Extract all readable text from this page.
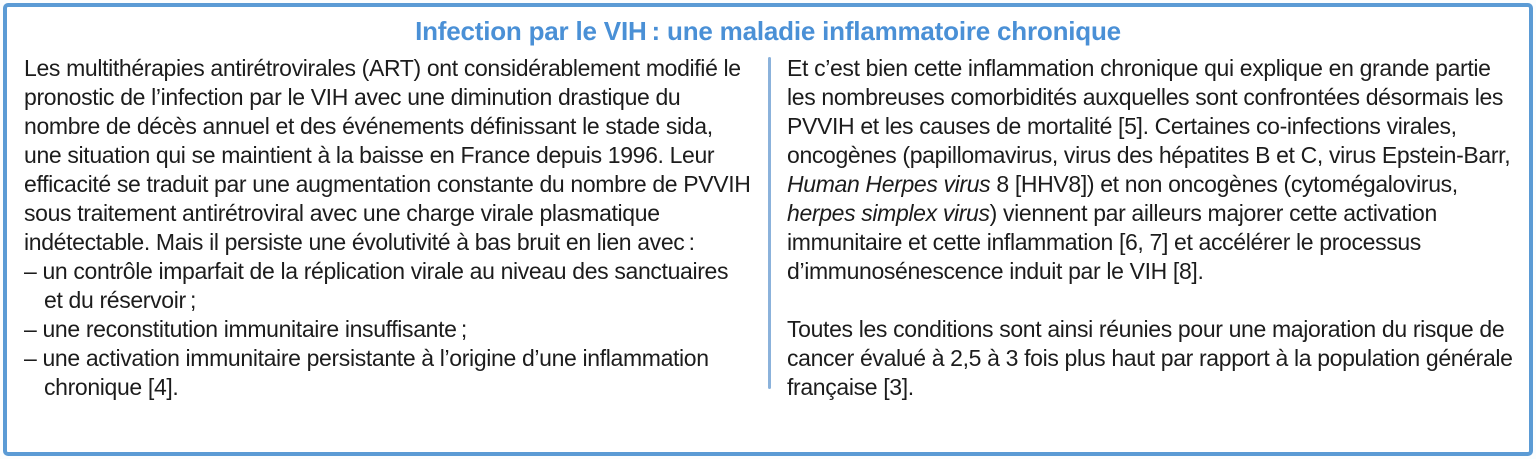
Infection par le VIH : une maladie inflammatoire chronique

Les multithérapies antirétrovirales (ART) ont considérablement modifié le pronostic de l’infection par le VIH avec une diminution drastique du nombre de décès annuel et des événements définissant le stade sida, une situation qui se maintient à la baisse en France depuis 1996. Leur efficacité se traduit par une augmentation constante du nombre de PVVIH sous traitement antirétroviral avec une charge virale plasmatique indétectable. Mais il persiste une évolutivité à bas bruit en lien avec :

– un contrôle imparfait de la réplication virale au niveau des sanctuaires et du réservoir ;
– une reconstitution immunitaire insuffisante ;
– une activation immunitaire persistante à l’origine d’une inflammation chronique [4].

Et c’est bien cette inflammation chronique qui explique en grande partie les nombreuses comorbidités auxquelles sont confrontées désormais les PVVIH et les causes de mortalité [5]. Certaines co-infections virales, oncogènes (papillomavirus, virus des hépatites B et C, virus Epstein-Barr, Human Herpes virus 8 [HHV8]) et non oncogènes (cytomégalovirus, herpes simplex virus) viennent par ailleurs majorer cette activation immunitaire et cette inflammation [6, 7] et accélérer le processus d’immunosénescence induit par le VIH [8].

Toutes les conditions sont ainsi réunies pour une majoration du risque de cancer évalué à 2,5 à 3 fois plus haut par rapport à la population générale française [3].
